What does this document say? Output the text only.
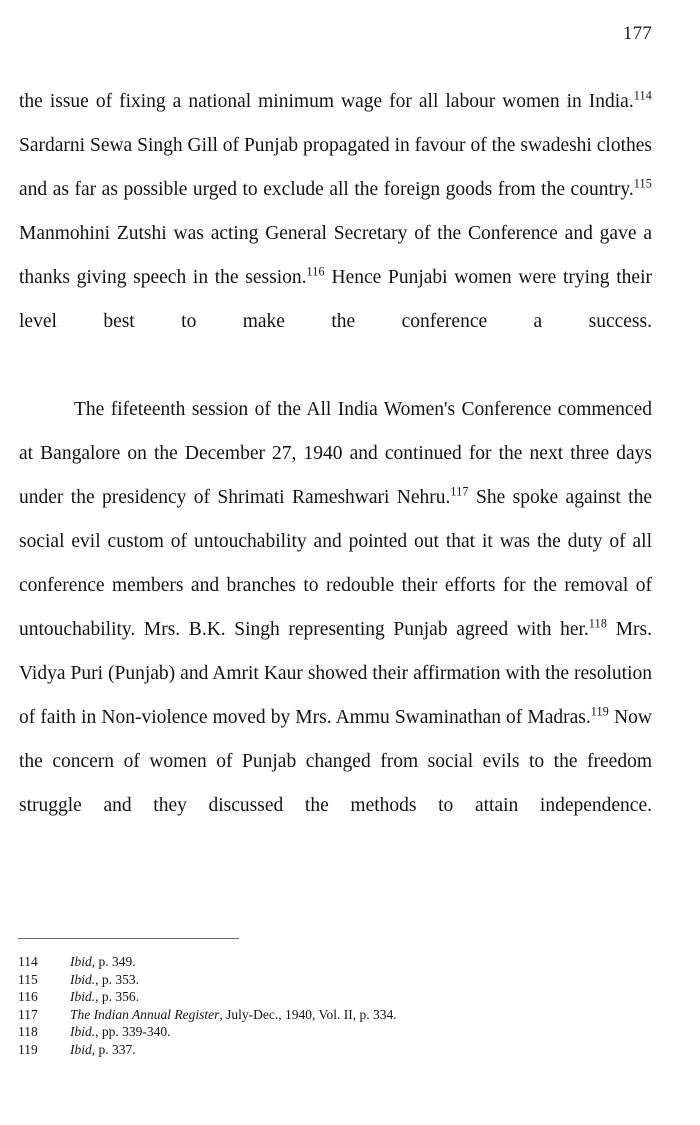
177

the issue of fixing a national minimum wage for all labour women in India.$^{114}$ Sardarni Sewa Singh Gill of Punjab propagated in favour of the swadeshi clothes and as far as possible urged to exclude all the foreign goods from the country.$^{115}$ Manmohini Zutshi was acting General Secretary of the Conference and gave a thanks giving speech in the session.$^{116}$ Hence Punjabi women were trying their level best to make the conference a success.

The fifeteenth session of the All India Women's Conference commenced at Bangalore on the December 27, 1940 and continued for the next three days under the presidency of Shrimati Rameshwari Nehru.$^{117}$ She spoke against the social evil custom of untouchability and pointed out that it was the duty of all conference members and branches to redouble their efforts for the removal of untouchability. Mrs. B.K. Singh representing Punjab agreed with her.$^{118}$ Mrs. Vidya Puri (Punjab) and Amrit Kaur showed their affirmation with the resolution of faith in Non-violence moved by Mrs. Ammu Swaminathan of Madras.$^{119}$ Now the concern of women of Punjab changed from social evils to the freedom struggle and they discussed the methods to attain independence.

114	Ibid, p. 349.
115	Ibid., p. 353.
116	Ibid., p. 356.
117	The Indian Annual Register, July-Dec., 1940, Vol. II, p. 334.
118	Ibid., pp. 339-340.
119	Ibid, p. 337.
